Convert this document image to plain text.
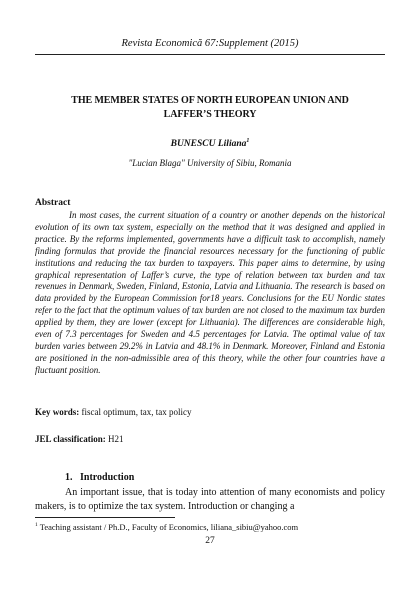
Revista Economică 67:Supplement (2015)
THE MEMBER STATES OF NORTH EUROPEAN UNION AND
LAFFER’S THEORY
BUNESCU Liliana$^1$
"Lucian Blaga" University of Sibiu, Romania
Abstract
In most cases, the current situation of a country or another depends on the historical evolution of its own tax system, especially on the method that it was designed and applied in practice. By the reforms implemented, governments have a difficult task to accomplish, namely finding formulas that provide the financial resources necessary for the functioning of public institutions and reducing the tax burden to taxpayers. This paper aims to determine, by using graphical representation of Laffer’s curve, the type of relation between tax burden and tax revenues in Denmark, Sweden, Finland, Estonia, Latvia and Lithuania. The research is based on data provided by the European Commission for18 years. Conclusions for the EU Nordic states refer to the fact that the optimum values of tax burden are not closed to the maximum tax burden applied by them, they are lower (except for Lithuania). The differences are considerable high, even of 7.3 percentages for Sweden and 4.5 percentages for Latvia. The optimal value of tax burden varies between 29.2% in Latvia and 48.1% in Denmark. Moreover, Finland and Estonia are positioned in the non-admissible area of this theory, while the other four countries have a fluctuant position.
Key words: fiscal optimum, tax, tax policy
JEL classification: H21
1. Introduction
An important issue, that is today into attention of many economists and policy makers, is to optimize the tax system. Introduction or changing a
$^1$ Teaching assistant / Ph.D., Faculty of Economics, liliana_sibiu@yahoo.com
27
